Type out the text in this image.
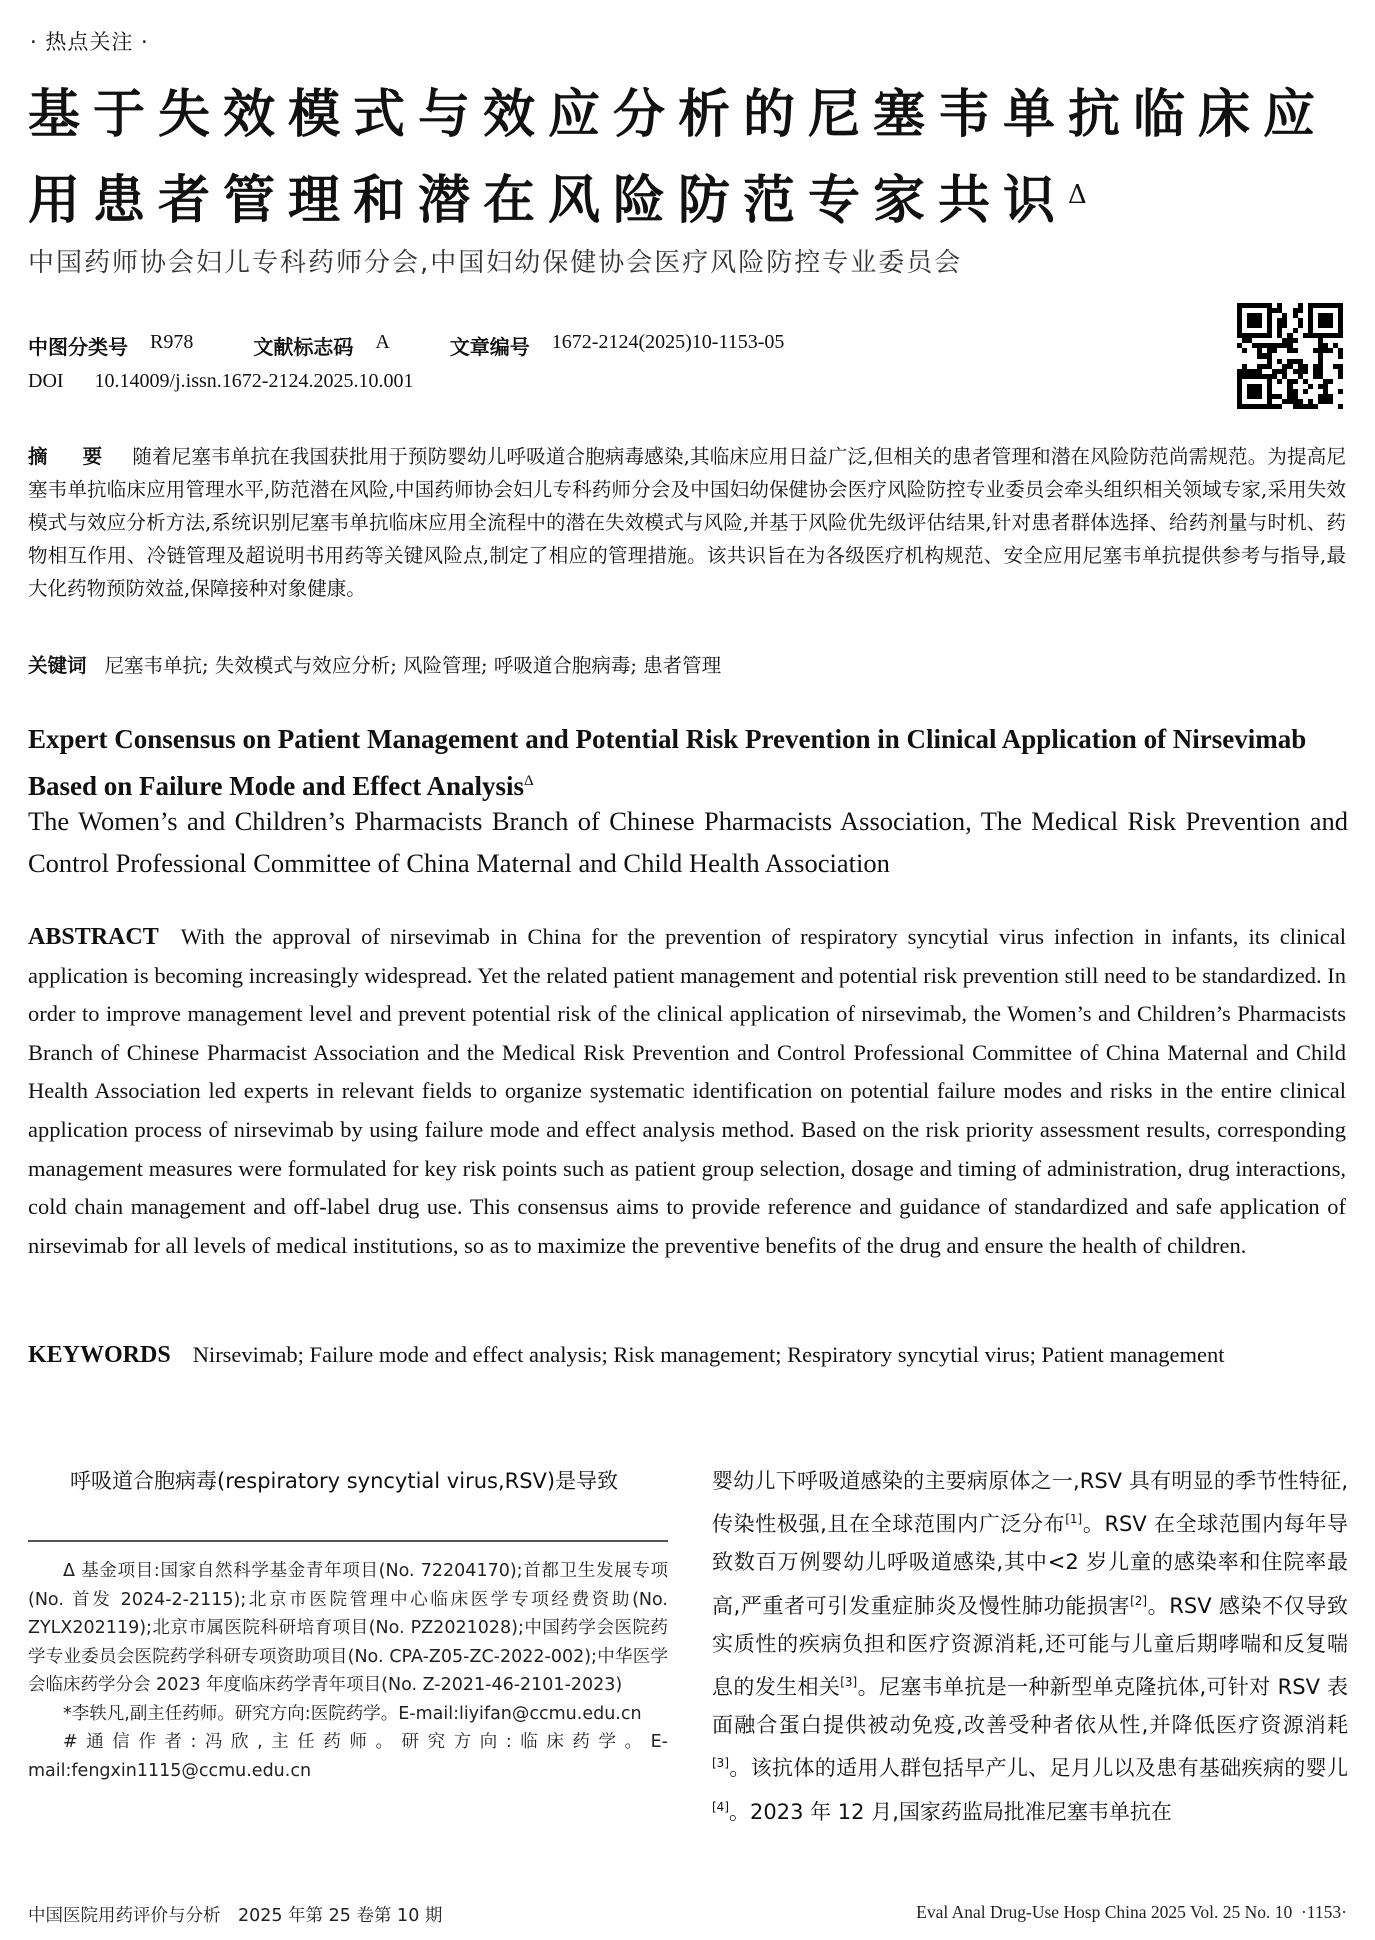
· 热点关注 ·
基于失效模式与效应分析的尼塞韦单抗临床应用患者管理和潜在风险防范专家共识$^\Delta$
中国药师协会妇儿专科药师分会,中国妇幼保健协会医疗风险防控专业委员会
中图分类号 R978	文献标志码 A	文章编号 1672-2124(2025)10-1153-05
DOI 10.14009/j.issn.1672-2124.2025.10.001
摘 要 随着尼塞韦单抗在我国获批用于预防婴幼儿呼吸道合胞病毒感染,其临床应用日益广泛,但相关的患者管理和潜在风险防范尚需规范。为提高尼塞韦单抗临床应用管理水平,防范潜在风险,中国药师协会妇儿专科药师分会及中国妇幼保健协会医疗风险防控专业委员会牵头组织相关领域专家,采用失效模式与效应分析方法,系统识别尼塞韦单抗临床应用全流程中的潜在失效模式与风险,并基于风险优先级评估结果,针对患者群体选择、给药剂量与时机、药物相互作用、冷链管理及超说明书用药等关键风险点,制定了相应的管理措施。该共识旨在为各级医疗机构规范、安全应用尼塞韦单抗提供参考与指导,最大化药物预防效益,保障接种对象健康。
关键词 尼塞韦单抗; 失效模式与效应分析; 风险管理; 呼吸道合胞病毒; 患者管理
Expert Consensus on Patient Management and Potential Risk Prevention in Clinical Application of Nirsevimab Based on Failure Mode and Effect Analysis$^\Delta$
The Women’s and Children’s Pharmacists Branch of Chinese Pharmacists Association, The Medical Risk Prevention and Control Professional Committee of China Maternal and Child Health Association
ABSTRACT With the approval of nirsevimab in China for the prevention of respiratory syncytial virus infection in infants, its clinical application is becoming increasingly widespread. Yet the related patient management and potential risk prevention still need to be standardized. In order to improve management level and prevent potential risk of the clinical application of nirsevimab, the Women’s and Children’s Pharmacists Branch of Chinese Pharmacist Association and the Medical Risk Prevention and Control Professional Committee of China Maternal and Child Health Association led experts in relevant fields to organize systematic identification on potential failure modes and risks in the entire clinical application process of nirsevimab by using failure mode and effect analysis method. Based on the risk priority assessment results, corresponding management measures were formulated for key risk points such as patient group selection, dosage and timing of administration, drug interactions, cold chain management and off-label drug use. This consensus aims to provide reference and guidance of standardized and safe application of nirsevimab for all levels of medical institutions, so as to maximize the preventive benefits of the drug and ensure the health of children.
KEYWORDS Nirsevimab; Failure mode and effect analysis; Risk management; Respiratory syncytial virus; Patient management
呼吸道合胞病毒(respiratory syncytial virus,RSV)是导致

Δ 基金项目:国家自然科学基金青年项目(No. 72204170);首都卫生发展专项(No. 首发 2024-2-2115);北京市医院管理中心临床医学专项经费资助(No. ZYLX202119);北京市属医院科研培育项目(No. PZ2021028);中国药学会医院药学专业委员会医院药学科研专项资助项目(No. CPA-Z05-ZC-2022-002);中华医学会临床药学分会 2023 年度临床药学青年项目(No. Z-2021-46-2101-2023)

*李轶凡,副主任药师。研究方向:医院药学。E-mail:liyifan@ccmu.edu.cn

#通信作者:冯欣,主任药师。研究方向:临床药学。E-mail:fengxin1115@ccmu.edu.cn

婴幼儿下呼吸道感染的主要病原体之一,RSV 具有明显的季节性特征,传染性极强,且在全球范围内广泛分布[1]。RSV 在全球范围内每年导致数百万例婴幼儿呼吸道感染,其中<2 岁儿童的感染率和住院率最高,严重者可引发重症肺炎及慢性肺功能损害[2]。RSV 感染不仅导致实质性的疾病负担和医疗资源消耗,还可能与儿童后期哮喘和反复喘息的发生相关[3]。尼塞韦单抗是一种新型单克隆抗体,可针对 RSV 表面融合蛋白提供被动免疫,改善受种者依从性,并降低医疗资源消耗[3]。该抗体的适用人群包括早产儿、足月儿以及患有基础疾病的婴儿[4]。2023 年 12 月,国家药监局批准尼塞韦单抗在
中国医院用药评价与分析　2025 年第 25 卷第 10 期	Eval Anal Drug-Use Hosp China 2025 Vol. 25 No. 10 ·1153·
